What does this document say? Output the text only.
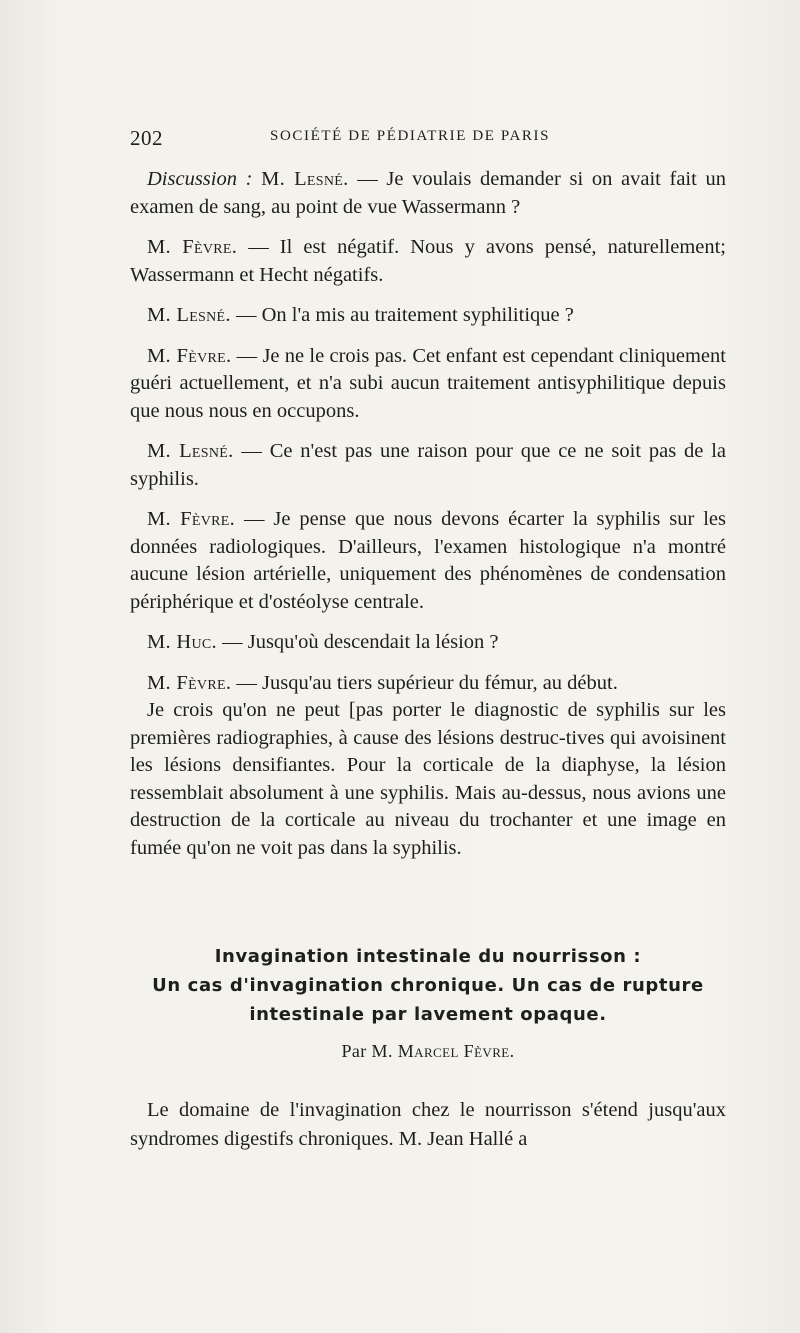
202	SOCIÉTÉ DE PÉDIATRIE DE PARIS

Discussion : M. Lesné. — Je voulais demander si on avait fait un examen de sang, au point de vue Wassermann ?

M. Fèvre. — Il est négatif. Nous y avons pensé, naturellement; Wassermann et Hecht négatifs.

M. Lesné. — On l'a mis au traitement syphilitique ?

M. Fèvre. — Je ne le crois pas. Cet enfant est cependant cliniquement guéri actuellement, et n'a subi aucun traitement antisyphilitique depuis que nous nous en occupons.

M. Lesné. — Ce n'est pas une raison pour que ce ne soit pas de la syphilis.

M. Fèvre. — Je pense que nous devons écarter la syphilis sur les données radiologiques. D'ailleurs, l'examen histologique n'a montré aucune lésion artérielle, uniquement des phénomènes de condensation périphérique et d'ostéolyse centrale.

M. Huc. — Jusqu'où descendait la lésion ?

M. Fèvre. — Jusqu'au tiers supérieur du fémur, au début.

Je crois qu'on ne peut [pas porter le diagnostic de syphilis sur les premières radiographies, à cause des lésions destruc-tives qui avoisinent les lésions densifiantes. Pour la corticale de la diaphyse, la lésion ressemblait absolument à une syphilis. Mais au-dessus, nous avions une destruction de la corticale au niveau du trochanter et une image en fumée qu'on ne voit pas dans la syphilis.

Invagination intestinale du nourrisson :
Un cas d'invagination chronique. Un cas de rupture
intestinale par lavement opaque.
Par M. Marcel Fèvre.

Le domaine de l'invagination chez le nourrisson s'étend jusqu'aux syndromes digestifs chroniques. M. Jean Hallé a
